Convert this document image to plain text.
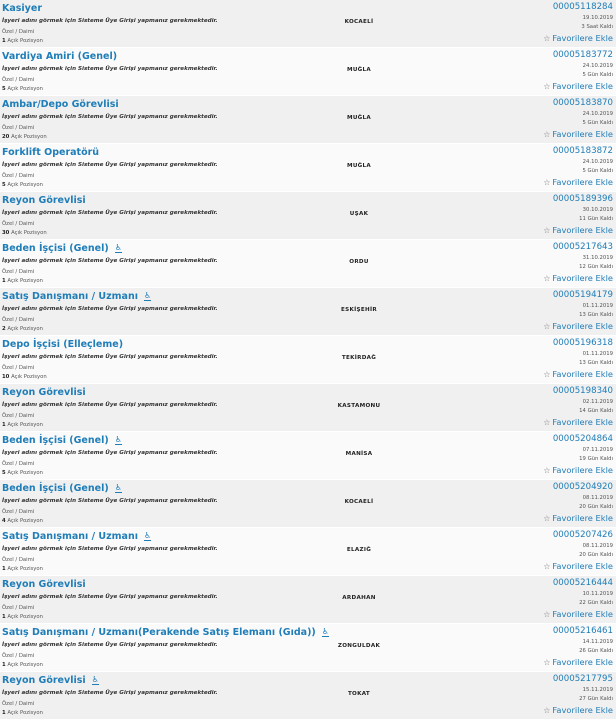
Kasiyer
İşyeri adını görmek için Sisteme Üye Girişi yapmanız gerekmektedir.
Özel / Daimi
1 Açık Pozisyon
KOCAELİ
00005118284
19.10.2019
3 Saat Kaldı
☆ Favorilere Ekle
Vardiya Amiri (Genel)
İşyeri adını görmek için Sisteme Üye Girişi yapmanız gerekmektedir.
Özel / Daimi
5 Açık Pozisyon
MUĞLA
00005183772
24.10.2019
5 Gün Kaldı
☆ Favorilere Ekle
Ambar/Depo Görevlisi
İşyeri adını görmek için Sisteme Üye Girişi yapmanız gerekmektedir.
Özel / Daimi
20 Açık Pozisyon
MUĞLA
00005183870
24.10.2019
5 Gün Kaldı
☆ Favorilere Ekle
Forklift Operatörü
İşyeri adını görmek için Sisteme Üye Girişi yapmanız gerekmektedir.
Özel / Daimi
5 Açık Pozisyon
MUĞLA
00005183872
24.10.2019
5 Gün Kaldı
☆ Favorilere Ekle
Reyon Görevlisi
İşyeri adını görmek için Sisteme Üye Girişi yapmanız gerekmektedir.
Özel / Daimi
30 Açık Pozisyon
UŞAK
00005189396
30.10.2019
11 Gün Kaldı
☆ Favorilere Ekle
Beden İşçisi (Genel) ♿
İşyeri adını görmek için Sisteme Üye Girişi yapmanız gerekmektedir.
Özel / Daimi
1 Açık Pozisyon
ORDU
00005217643
31.10.2019
12 Gün Kaldı
☆ Favorilere Ekle
Satış Danışmanı / Uzmanı ♿
İşyeri adını görmek için Sisteme Üye Girişi yapmanız gerekmektedir.
Özel / Daimi
2 Açık Pozisyon
ESKİŞEHİR
00005194179
01.11.2019
13 Gün Kaldı
☆ Favorilere Ekle
Depo İşçisi (Elleçleme)
İşyeri adını görmek için Sisteme Üye Girişi yapmanız gerekmektedir.
Özel / Daimi
10 Açık Pozisyon
TEKİRDAĞ
00005196318
01.11.2019
13 Gün Kaldı
☆ Favorilere Ekle
Reyon Görevlisi
İşyeri adını görmek için Sisteme Üye Girişi yapmanız gerekmektedir.
Özel / Daimi
1 Açık Pozisyon
KASTAMONU
00005198340
02.11.2019
14 Gün Kaldı
☆ Favorilere Ekle
Beden İşçisi (Genel) ♿
İşyeri adını görmek için Sisteme Üye Girişi yapmanız gerekmektedir.
Özel / Daimi
5 Açık Pozisyon
MANİSA
00005204864
07.11.2019
19 Gün Kaldı
☆ Favorilere Ekle
Beden İşçisi (Genel) ♿
İşyeri adını görmek için Sisteme Üye Girişi yapmanız gerekmektedir.
Özel / Daimi
4 Açık Pozisyon
KOCAELİ
00005204920
08.11.2019
20 Gün Kaldı
☆ Favorilere Ekle
Satış Danışmanı / Uzmanı ♿
İşyeri adını görmek için Sisteme Üye Girişi yapmanız gerekmektedir.
Özel / Daimi
1 Açık Pozisyon
ELAZIĞ
00005207426
08.11.2019
20 Gün Kaldı
☆ Favorilere Ekle
Reyon Görevlisi
İşyeri adını görmek için Sisteme Üye Girişi yapmanız gerekmektedir.
Özel / Daimi
1 Açık Pozisyon
ARDAHAN
00005216444
10.11.2019
22 Gün Kaldı
☆ Favorilere Ekle
Satış Danışmanı / Uzmanı(Perakende Satış Elemanı (Gıda)) ♿
İşyeri adını görmek için Sisteme Üye Girişi yapmanız gerekmektedir.
Özel / Daimi
1 Açık Pozisyon
ZONGULDAK
00005216461
14.11.2019
26 Gün Kaldı
☆ Favorilere Ekle
Reyon Görevlisi ♿
İşyeri adını görmek için Sisteme Üye Girişi yapmanız gerekmektedir.
Özel / Daimi
1 Açık Pozisyon
TOKAT
00005217795
15.11.2019
27 Gün Kaldı
☆ Favorilere Ekle
